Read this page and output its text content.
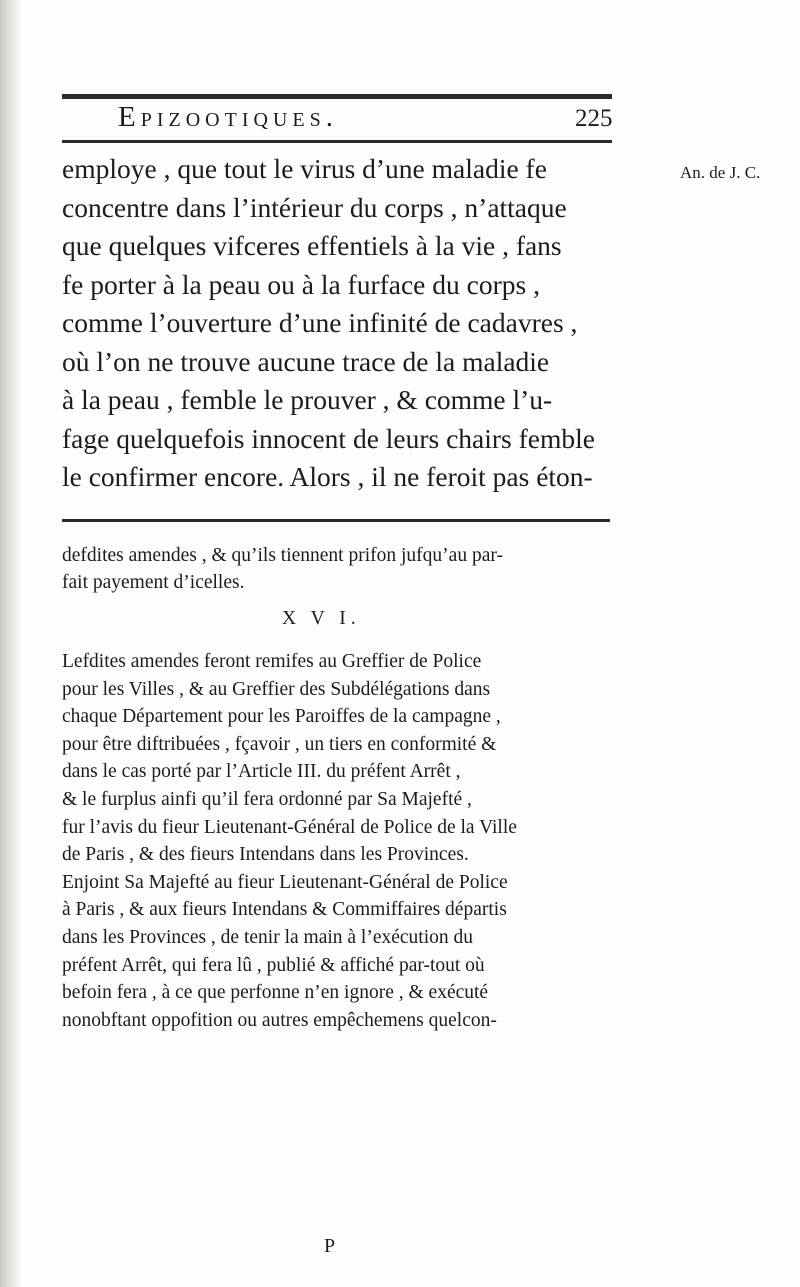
Epizootiques.	225
An. de J. C.
employe , que tout le virus d’une maladie fe
concentre dans l’intérieur du corps , n’attaque
que quelques vifceres effentiels à la vie , fans
fe porter à la peau ou à la furface du corps ,
comme l’ouverture d’une infinité de cadavres ,
où l’on ne trouve aucune trace de la maladie
à la peau , femble le prouver , & comme l’u-
fage quelquefois innocent de leurs chairs femble
le confirmer encore. Alors , il ne feroit pas éton-
defdites amendes , & qu’ils tiennent prifon jufqu’au par-
fait payement d’icelles.
X V I.
Lefdites amendes feront remifes au Greffier de Police
pour les Villes , & au Greffier des Subdélégations dans
chaque Département pour les Paroiffes de la campagne ,
pour être diftribuées , fçavoir , un tiers en conformité &
dans le cas porté par l’Article III. du préfent Arrêt ,
& le furplus ainfi qu’il fera ordonné par Sa Majefté ,
fur l’avis du fieur Lieutenant-Général de Police de la Ville
de Paris , & des fieurs Intendans dans les Provinces.
Enjoint Sa Majefté au fieur Lieutenant-Général de Police
à Paris , & aux fieurs Intendans & Commiffaires départis
dans les Provinces , de tenir la main à l’exécution du
préfent Arrêt, qui fera lû , publié & affiché par-tout où
befoin fera , à ce que perfonne n’en ignore , & exécuté
nonobftant oppofition ou autres empêchemens quelcon-
P
